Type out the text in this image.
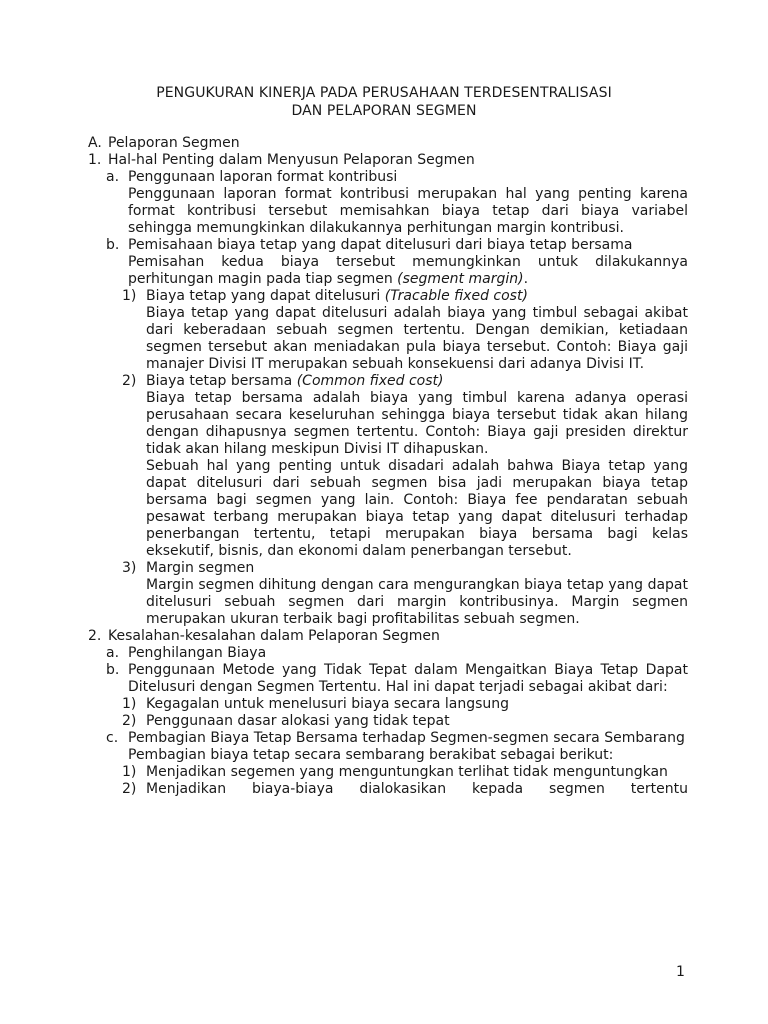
PENGUKURAN KINERJA PADA PERUSAHAAN TERDESENTRALISASI
DAN PELAPORAN SEGMEN
A. Pelaporan Segmen
1. Hal-hal Penting dalam Menyusun Pelaporan Segmen
a. Penggunaan laporan format kontribusi
Penggunaan laporan format kontribusi merupakan hal yang penting karena format kontribusi tersebut memisahkan biaya tetap dari biaya variabel sehingga memungkinkan dilakukannya perhitungan margin kontribusi.
b. Pemisahaan biaya tetap yang dapat ditelusuri dari biaya tetap bersama
Pemisahan kedua biaya tersebut memungkinkan untuk dilakukannya perhitungan magin pada tiap segmen (segment margin).
1) Biaya tetap yang dapat ditelusuri (Tracable fixed cost)
Biaya tetap yang dapat ditelusuri adalah biaya yang timbul sebagai akibat dari keberadaan sebuah segmen tertentu. Dengan demikian, ketiadaan segmen tersebut akan meniadakan pula biaya tersebut. Contoh: Biaya gaji manajer Divisi IT merupakan sebuah konsekuensi dari adanya Divisi IT.
2) Biaya tetap bersama (Common fixed cost)
Biaya tetap bersama adalah biaya yang timbul karena adanya operasi perusahaan secara keseluruhan sehingga biaya tersebut tidak akan hilang dengan dihapusnya segmen tertentu. Contoh: Biaya gaji presiden direktur tidak akan hilang meskipun Divisi IT dihapuskan.
Sebuah hal yang penting untuk disadari adalah bahwa Biaya tetap yang dapat ditelusuri dari sebuah segmen bisa jadi merupakan biaya tetap bersama bagi segmen yang lain. Contoh: Biaya fee pendaratan sebuah pesawat terbang merupakan biaya tetap yang dapat ditelusuri terhadap penerbangan tertentu, tetapi merupakan biaya bersama bagi kelas eksekutif, bisnis, dan ekonomi dalam penerbangan tersebut.
3) Margin segmen
Margin segmen dihitung dengan cara mengurangkan biaya tetap yang dapat ditelusuri sebuah segmen dari margin kontribusinya. Margin segmen merupakan ukuran terbaik bagi profitabilitas sebuah segmen.
2. Kesalahan-kesalahan dalam Pelaporan Segmen
a. Penghilangan Biaya
b. Penggunaan Metode yang Tidak Tepat dalam Mengaitkan Biaya Tetap Dapat Ditelusuri dengan Segmen Tertentu. Hal ini dapat terjadi sebagai akibat dari:
1) Kegagalan untuk menelusuri biaya secara langsung
2) Penggunaan dasar alokasi yang tidak tepat
c. Pembagian Biaya Tetap Bersama terhadap Segmen-segmen secara Sembarang
Pembagian biaya tetap secara sembarang berakibat sebagai berikut:
1) Menjadikan segemen yang menguntungkan terlihat tidak menguntungkan
2) Menjadikan biaya-biaya dialokasikan kepada segmen tertentu
1
